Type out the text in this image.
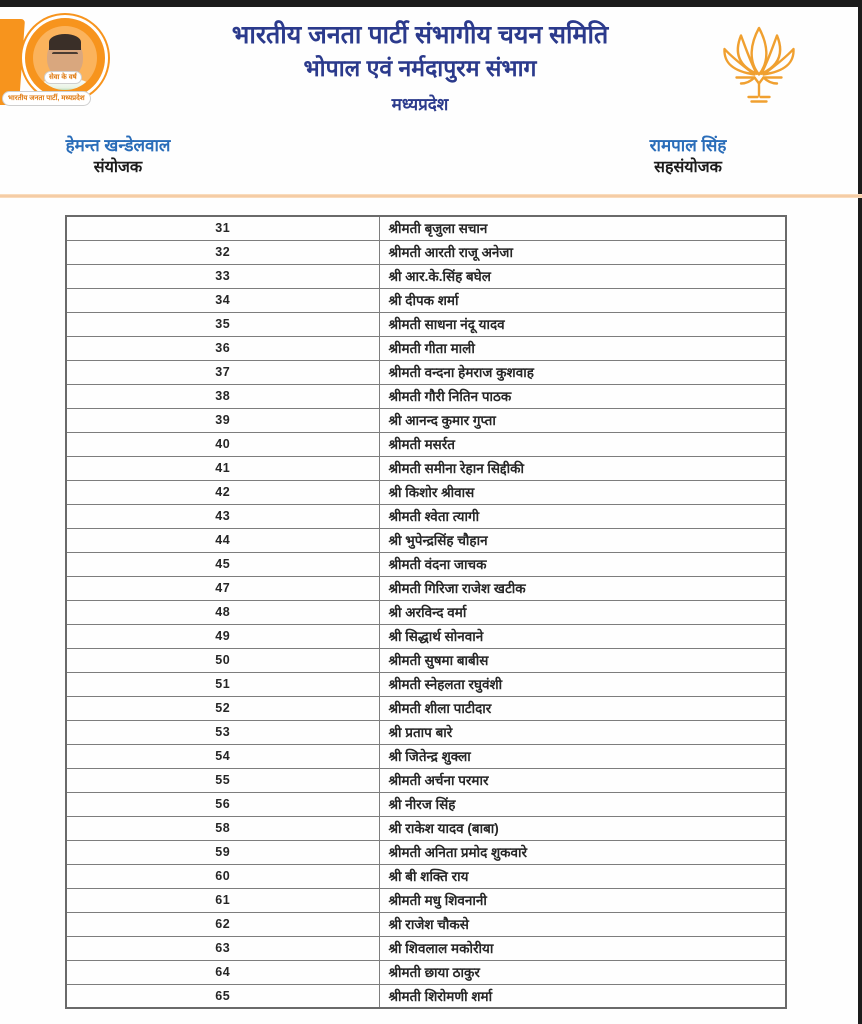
सेवा के वर्ष
भारतीय जनता पार्टी, मध्यप्रदेश
भारतीय जनता पार्टी संभागीय चयन समिति
भोपाल एवं नर्मदापुरम संभाग
मध्यप्रदेश
हेमन्त खन्डेलवाल
संयोजक
रामपाल सिंह
सहसंयोजक
31	श्रीमती बृजुला सचान
32	श्रीमती आरती राजू अनेजा
33	श्री आर.के.सिंह बघेल
34	श्री दीपक शर्मा
35	श्रीमती साधना नंदू यादव
36	श्रीमती गीता माली
37	श्रीमती वन्दना हेमराज कुशवाह
38	श्रीमती गौरी नितिन पाठक
39	श्री आनन्द कुमार गुप्ता
40	श्रीमती मसर्रत
41	श्रीमती समीना रेहान सिद्दीकी
42	श्री किशोर श्रीवास
43	श्रीमती श्वेता त्यागी
44	श्री भुपेन्द्रसिंह चौहान
45	श्रीमती वंदना जाचक
47	श्रीमती गिरिजा राजेश खटीक
48	श्री अरविन्द वर्मा
49	श्री सिद्धार्थ सोनवाने
50	श्रीमती सुषमा बाबीस
51	श्रीमती स्नेहलता रघुवंशी
52	श्रीमती शीला पाटीदार
53	श्री प्रताप बारे
54	श्री जितेन्द्र शुक्ला
55	श्रीमती अर्चना परमार
56	श्री नीरज सिंह
58	श्री राकेश यादव (बाबा)
59	श्रीमती अनिता प्रमोद शुकवारे
60	श्री बी शक्ति राय
61	श्रीमती मधु शिवनानी
62	श्री राजेश चौकसे
63	श्री शिवलाल मकोरीया
64	श्रीमती छाया ठाकुर
65	श्रीमती शिरोमणी शर्मा
